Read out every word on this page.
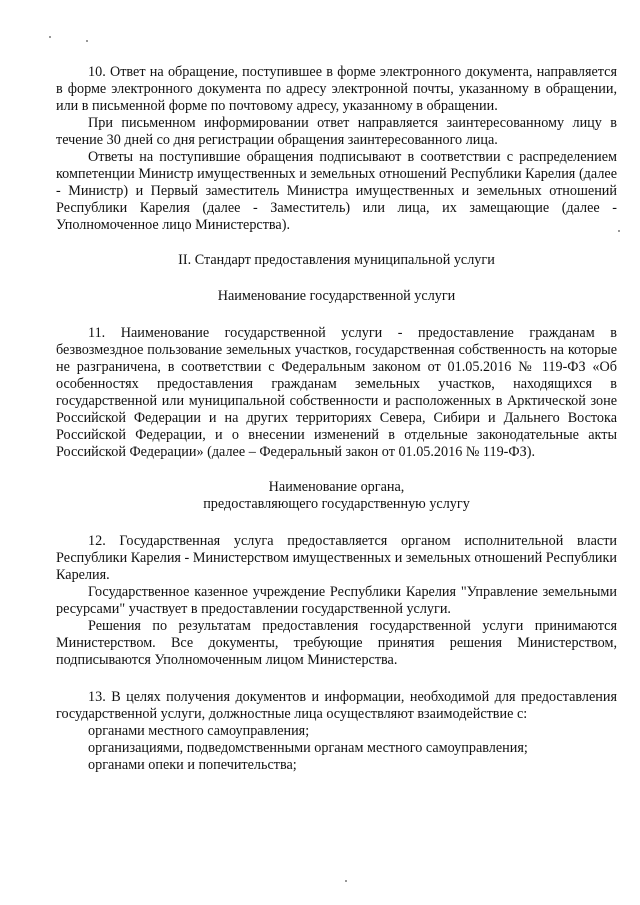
10. Ответ на обращение, поступившее в форме электронного документа, направляется в форме электронного документа по адресу электронной почты, указанному в обращении, или в письменной форме по почтовому адресу, указанному в обращении.

При письменном информировании ответ направляется заинтересованному лицу в течение 30 дней со дня регистрации обращения заинтересованного лица.

Ответы на поступившие обращения подписывают в соответствии с распределением компетенции Министр имущественных и земельных отношений Республики Карелия (далее - Министр) и Первый заместитель Министра имущественных и земельных отношений Республики Карелия (далее - Заместитель) или лица, их замещающие (далее - Уполномоченное лицо Министерства).

II. Стандарт предоставления муниципальной услуги

Наименование государственной услуги

11. Наименование государственной услуги - предоставление гражданам в безвозмездное пользование земельных участков, государственная собственность на которые не разграничена, в соответствии с Федеральным законом от 01.05.2016 № 119-ФЗ «Об особенностях предоставления гражданам земельных участков, находящихся в государственной или муниципальной собственности и расположенных в Арктической зоне Российской Федерации и на других территориях Севера, Сибири и Дальнего Востока Российской Федерации, и о внесении изменений в отдельные законодательные акты Российской Федерации» (далее – Федеральный закон от 01.05.2016 № 119-ФЗ).

Наименование органа,

предоставляющего государственную услугу

12. Государственная услуга предоставляется органом исполнительной власти Республики Карелия - Министерством имущественных и земельных отношений Республики Карелия.

Государственное казенное учреждение Республики Карелия "Управление земельными ресурсами" участвует в предоставлении государственной услуги.

Решения по результатам предоставления государственной услуги принимаются Министерством. Все документы, требующие принятия решения Министерством, подписываются Уполномоченным лицом Министерства.

13. В целях получения документов и информации, необходимой для предоставления государственной услуги, должностные лица осуществляют взаимодействие с:

органами местного самоуправления;

организациями, подведомственными органам местного самоуправления;

органами опеки и попечительства;
